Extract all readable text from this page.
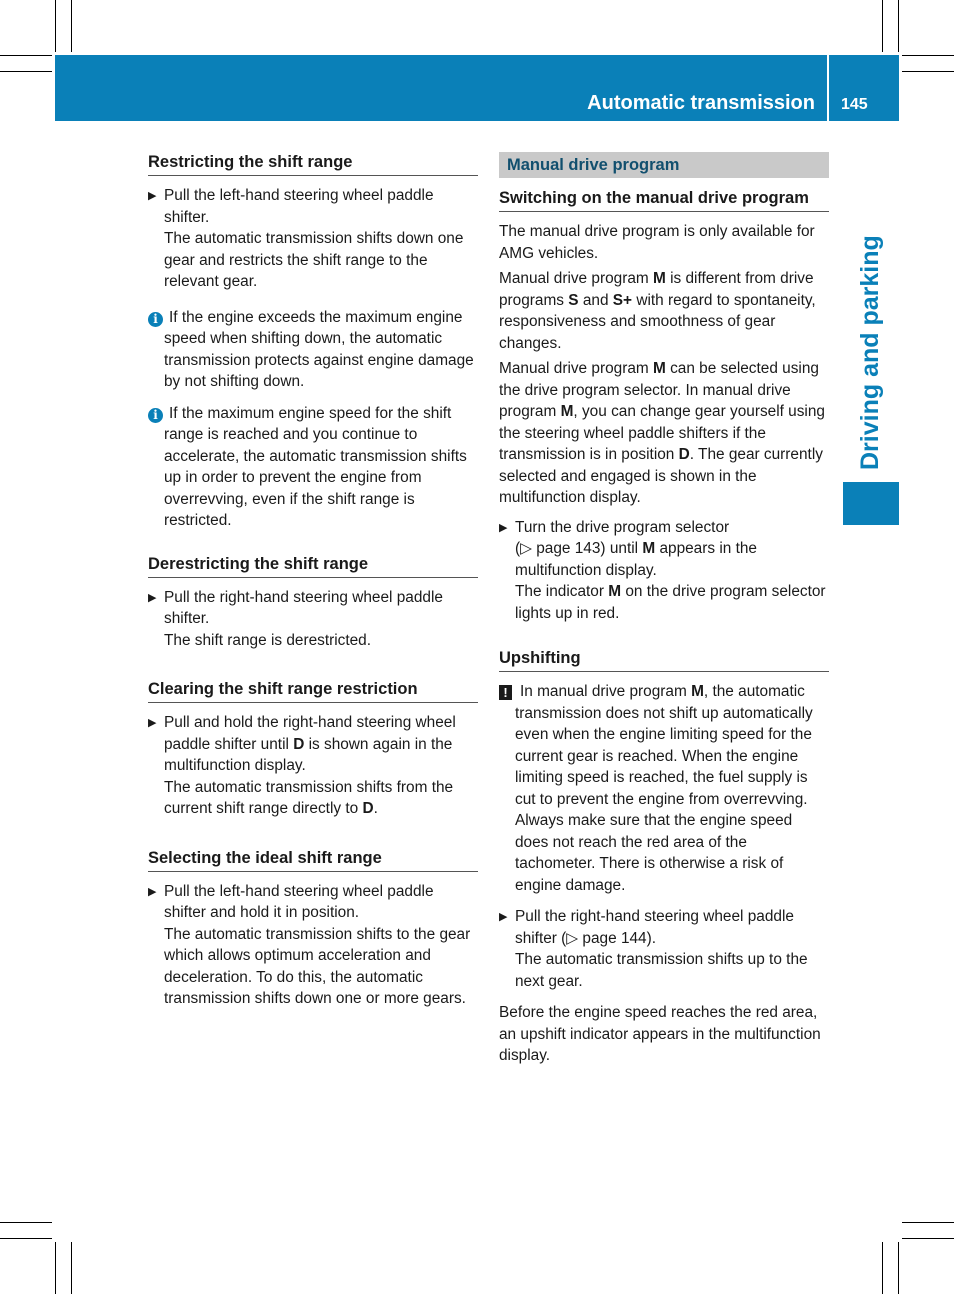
Automatic transmission 145
Driving and parking
Restricting the shift range
▶ Pull the left-hand steering wheel paddle shifter.
The automatic transmission shifts down one gear and restricts the shift range to the relevant gear.
i If the engine exceeds the maximum engine speed when shifting down, the automatic transmission protects against engine damage by not shifting down.
i If the maximum engine speed for the shift range is reached and you continue to accelerate, the automatic transmission shifts up in order to prevent the engine from overrevving, even if the shift range is restricted.
Derestricting the shift range
▶ Pull the right-hand steering wheel paddle shifter.
The shift range is derestricted.
Clearing the shift range restriction
▶ Pull and hold the right-hand steering wheel paddle shifter until D is shown again in the multifunction display.
The automatic transmission shifts from the current shift range directly to D.
Selecting the ideal shift range
▶ Pull the left-hand steering wheel paddle shifter and hold it in position.
The automatic transmission shifts to the gear which allows optimum acceleration and deceleration. To do this, the automatic transmission shifts down one or more gears.
Manual drive program
Switching on the manual drive program
The manual drive program is only available for AMG vehicles.
Manual drive program M is different from drive programs S and S+ with regard to spontaneity, responsiveness and smoothness of gear changes.
Manual drive program M can be selected using the drive program selector. In manual drive program M, you can change gear yourself using the steering wheel paddle shifters if the transmission is in position D. The gear currently selected and engaged is shown in the multifunction display.
▶ Turn the drive program selector
(▷ page 143) until M appears in the multifunction display.
The indicator M on the drive program selector lights up in red.
Upshifting
! In manual drive program M, the automatic transmission does not shift up automatically even when the engine limiting speed for the current gear is reached. When the engine limiting speed is reached, the fuel supply is cut to prevent the engine from overrevving. Always make sure that the engine speed does not reach the red area of the tachometer. There is otherwise a risk of engine damage.
▶ Pull the right-hand steering wheel paddle shifter (▷ page 144).
The automatic transmission shifts up to the next gear.
Before the engine speed reaches the red area, an upshift indicator appears in the multifunction display.
